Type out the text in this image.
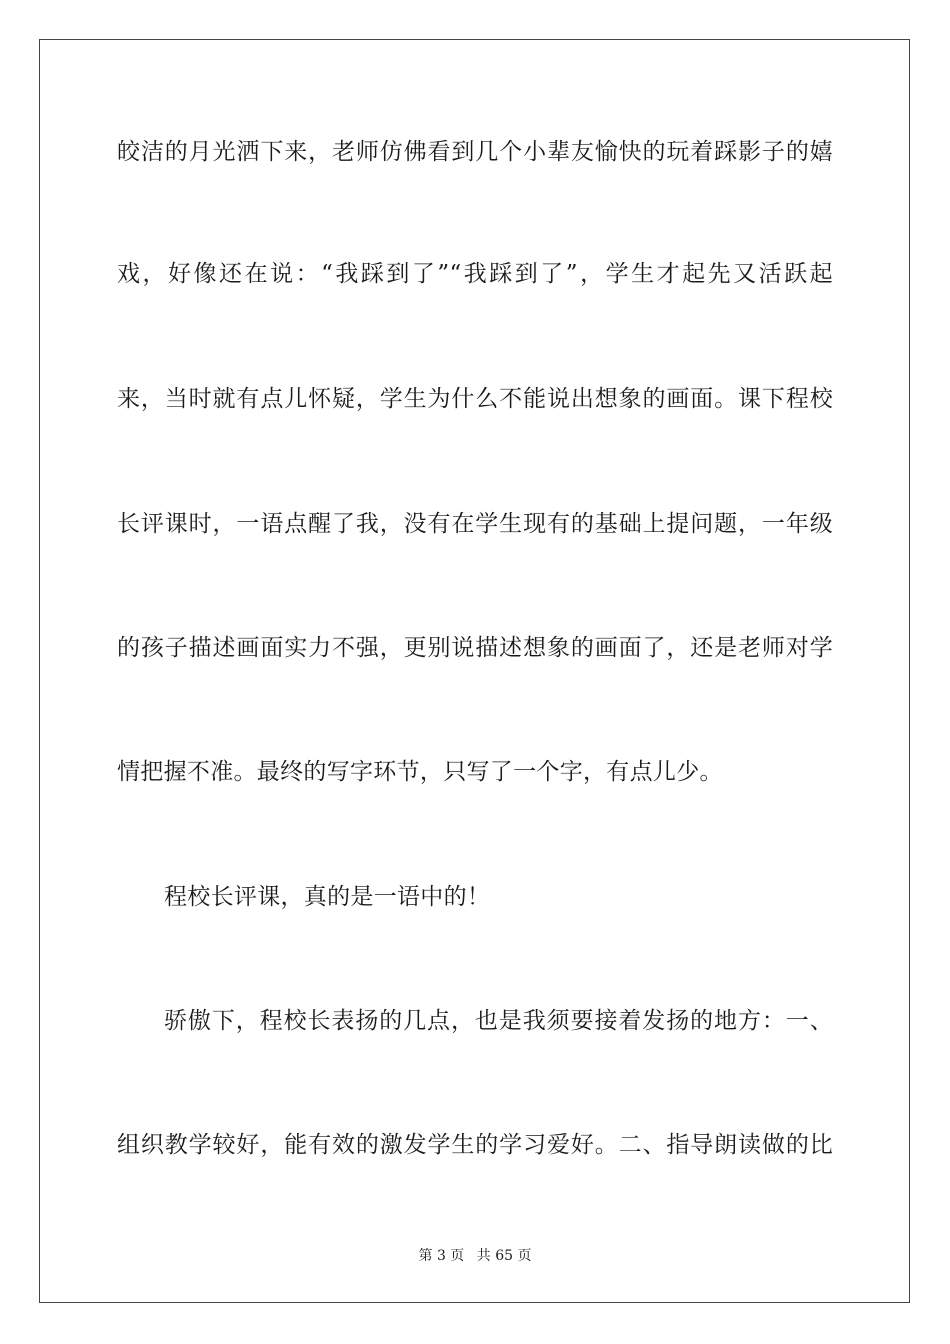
皎洁的月光洒下来，老师仿佛看到几个小辈友愉快的玩着踩影子的嬉
戏，好像还在说：“我踩到了”“我踩到了”，学生才起先又活跃起
来，当时就有点儿怀疑，学生为什么不能说出想象的画面。课下程校
长评课时，一语点醒了我，没有在学生现有的基础上提问题，一年级
的孩子描述画面实力不强，更别说描述想象的画面了，还是老师对学
情把握不准。最终的写字环节，只写了一个字，有点儿少。
程校长评课，真的是一语中的！
骄傲下，程校长表扬的几点，也是我须要接着发扬的地方：一、
组织教学较好，能有效的激发学生的学习爱好。二、指导朗读做的比
第 3 页 共 65 页
